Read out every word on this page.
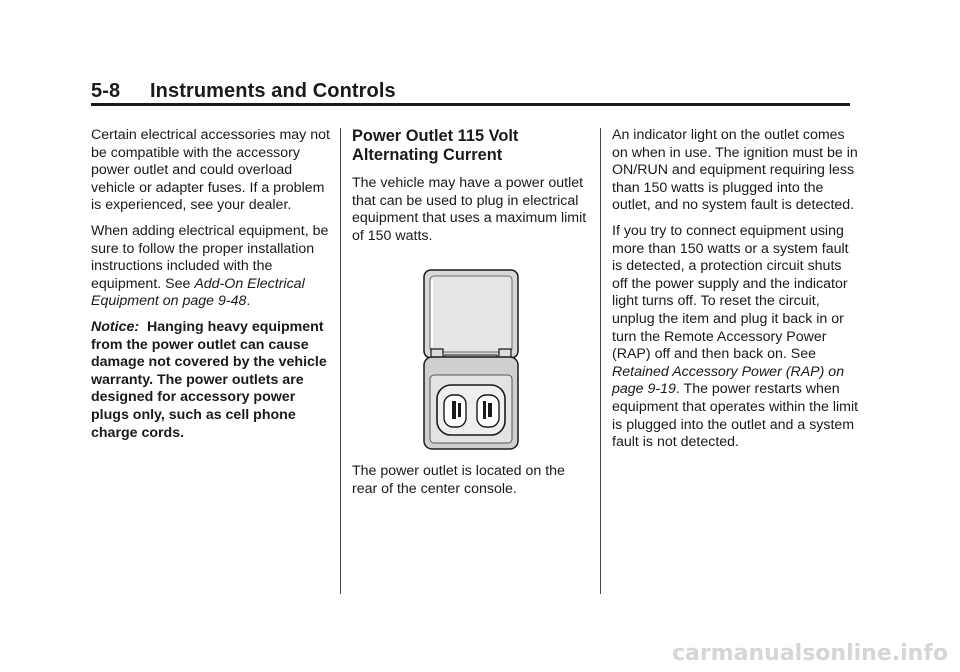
5-8 Instruments and Controls

Certain electrical accessories may not be compatible with the accessory power outlet and could overload vehicle or adapter fuses. If a problem is experienced, see your dealer.

When adding electrical equipment, be sure to follow the proper installation instructions included with the equipment. See Add-On Electrical Equipment on page 9-48.

Notice: Hanging heavy equipment from the power outlet can cause damage not covered by the vehicle warranty. The power outlets are designed for accessory power plugs only, such as cell phone charge cords.

Power Outlet 115 Volt Alternating Current

The vehicle may have a power outlet that can be used to plug in electrical equipment that uses a maximum limit of 150 watts.

The power outlet is located on the rear of the center console.

An indicator light on the outlet comes on when in use. The ignition must be in ON/RUN and equipment requiring less than 150 watts is plugged into the outlet, and no system fault is detected.

If you try to connect equipment using more than 150 watts or a system fault is detected, a protection circuit shuts off the power supply and the indicator light turns off. To reset the circuit, unplug the item and plug it back in or turn the Remote Accessory Power (RAP) off and then back on. See Retained Accessory Power (RAP) on page 9-19. The power restarts when equipment that operates within the limit is plugged into the outlet and a system fault is not detected.

carmanualsonline.info
